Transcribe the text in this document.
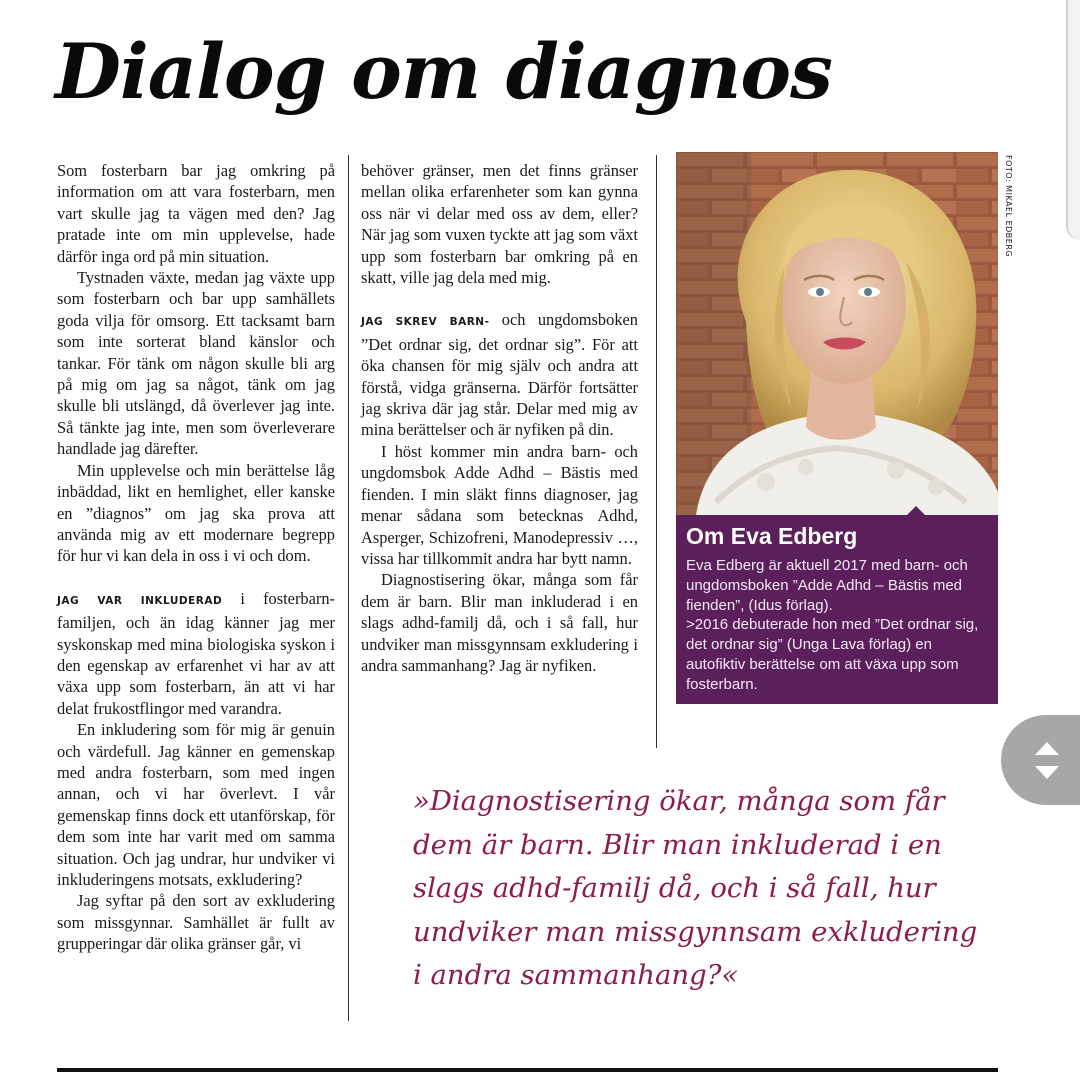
Dialog om diagnos

Som fosterbarn bar jag omkring på information om att vara fosterbarn, men vart skulle jag ta vägen med den? Jag pratade inte om min upplevelse, hade därför inga ord på min situation.

Tystnaden växte, medan jag växte upp som fosterbarn och bar upp samhällets goda vilja för omsorg. Ett tacksamt barn som inte sorterat bland känslor och tankar. För tänk om någon skulle bli arg på mig om jag sa något, tänk om jag skulle bli utslängd, då överlever jag inte. Så tänkte jag inte, men som överleverare handlade jag därefter.

Min upplevelse och min berättelse låg inbäddad, likt en hemlighet, eller kanske en ”diagnos” om jag ska prova att använda mig av ett modernare begrepp för hur vi kan dela in oss i vi och dom.

JAG VAR INKLUDERAD i fosterbarn-familjen, och än idag känner jag mer syskonskap med mina biologiska syskon i den egenskap av erfarenhet vi har av att växa upp som fosterbarn, än att vi har delat frukostflingor med varandra.

En inkludering som för mig är genuin och värdefull. Jag känner en gemenskap med andra fosterbarn, som med ingen annan, och vi har överlevt. I vår gemenskap finns dock ett utanförskap, för dem som inte har varit med om samma situation. Och jag undrar, hur undviker vi inkluderingens motsats, exkludering?

Jag syftar på den sort av exkludering som missgynnar. Samhället är fullt av grupperingar där olika gränser går, vi

behöver gränser, men det finns gränser mellan olika erfarenheter som kan gynna oss när vi delar med oss av dem, eller? När jag som vuxen tyckte att jag som växt upp som fosterbarn bar omkring på en skatt, ville jag dela med mig.

JAG SKREV BARN- och ungdomsboken ”Det ordnar sig, det ordnar sig”. För att öka chansen för mig själv och andra att förstå, vidga gränserna. Därför fortsätter jag skriva där jag står. Delar med mig av mina berättelser och är nyfiken på din.

I höst kommer min andra barn- och ungdomsbok Adde Adhd – Bästis med fienden. I min släkt finns diagnoser, jag menar sådana som betecknas Adhd, Asperger, Schizofreni, Manodepressiv …, vissa har tillkommit andra har bytt namn.

Diagnostisering ökar, många som får dem är barn. Blir man inkluderad i en slags adhd-familj då, och i så fall, hur undviker man missgynnsam exkludering i andra sammanhang? Jag är nyfiken.

FOTO: MIKAEL EDBERG
Om Eva Edberg

Eva Edberg är aktuell 2017 med barn- och ungdomsboken ”Adde Adhd – Bästis med fienden”, (Idus förlag).

>2016 debuterade hon med ”Det ordnar sig, det ordnar sig” (Unga Lava förlag) en autofiktiv berättelse om att växa upp som fosterbarn.

»Diagnostisering ökar, många som får dem är barn. Blir man inkluderad i en slags adhd-familj då, och i så fall, hur undviker man missgynnsam exkludering i andra sammanhang?«
